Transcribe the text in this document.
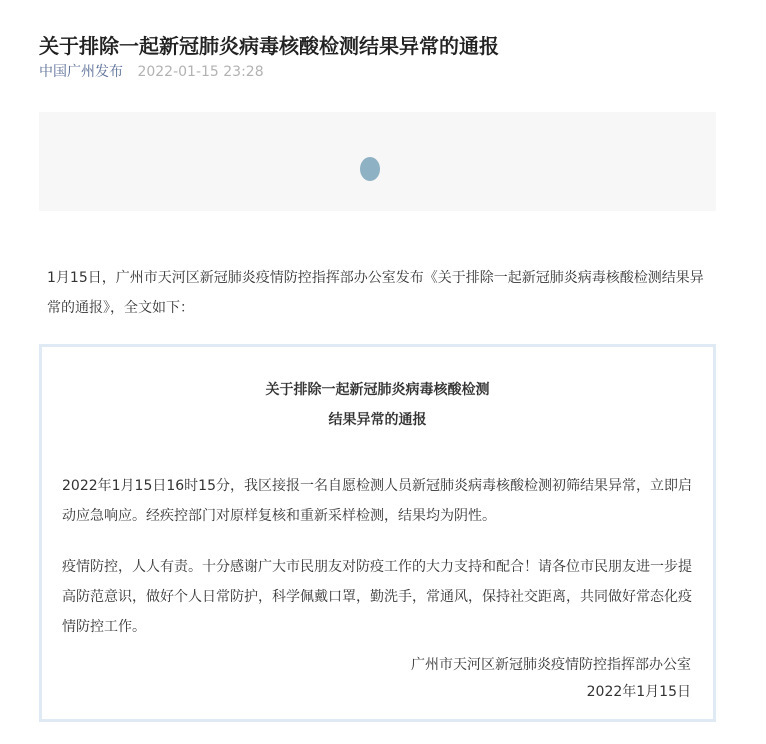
关于排除一起新冠肺炎病毒核酸检测结果异常的通报
中国广州发布 2022-01-15 23:28

1月15日，广州市天河区新冠肺炎疫情防控指挥部办公室发布《关于排除一起新冠肺炎病毒核酸检测结果异常的通报》，全文如下：

关于排除一起新冠肺炎病毒核酸检测
结果异常的通报

2022年1月15日16时15分，我区接报一名自愿检测人员新冠肺炎病毒核酸检测初筛结果异常，立即启动应急响应。经疾控部门对原样复核和重新采样检测，结果均为阴性。

疫情防控，人人有责。十分感谢广大市民朋友对防疫工作的大力支持和配合！请各位市民朋友进一步提高防范意识，做好个人日常防护，科学佩戴口罩，勤洗手，常通风，保持社交距离，共同做好常态化疫情防控工作。

广州市天河区新冠肺炎疫情防控指挥部办公室
2022年1月15日
